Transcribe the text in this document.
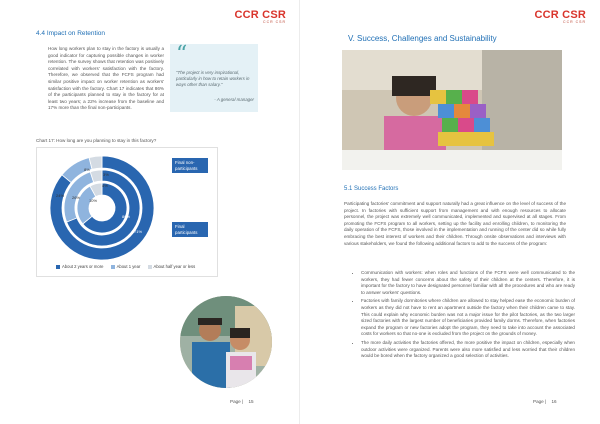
CCR CSR
CCR CSR
4.4 Impact on Retention
How long workers plan to stay in the factory is usually a good indicator for capturing possible changes in worker retention. The survey shows that retention was positively correlated with workers' satisfaction with the factory. Therefore, we observed that the FCFS program had similar positive impact on worker retention as workers' satisfaction with the factory. Chart 17 indicates that 86% of the participants planned to stay in the factory for at least two years; a 22% increase from the baseline and 17% more than the final non-participants.
“
"The project is very inspirational, particularly in how to retain workers in ways other than salary."
- A general manager
Chart 17: How long are you planning to stay in this factory?
Baseline
86%
71%
68%
10%
26%
24%
4%
3%
8%
Final non-participants
Final participants
About 2 years or more	About 1 year	About half year or less
Page | 15
CCR CSR
CCR CSR
V. Success, Challenges and Sustainability
5.1 Success Factors
Participating factories' commitment and support naturally had a great influence on the level of success of the project. In factories with sufficient support from management and with enough resources to allocate personnel, the project was extremely well communicated, implemented and supervised at all stages. From promoting the FCFS program to all workers, setting up the facility and enrolling children, to monitoring the daily operation of the FCFS, those involved in the implementation and running of the center did so while fully embracing the best interest of workers and their children. Through onsite observations and interviews with various stakeholders, we found the following additional factors to add to the success of the program:
• Communication with workers: when roles and functions of the FCFS were well communicated to the workers, they had fewer concerns about the safety of their children at the centers. Therefore, it is important for the factory to have designated personnel familiar with all the procedures and who are ready to answer workers' questions.
• Factories with family dormitories where children are allowed to stay helped ease the economic burden of workers as they did not have to rent an apartment outside the factory when their children came to stay. This could explain why economic burden was not a major issue for the pilot factories, as the two larger sized factories with the largest number of beneficiaries provided family dorms. Therefore, when factories expand the program or new factories adopt the program, they need to take into account the associated costs for workers so that no-one is excluded from the project on the grounds of money.
• The more daily activities the factories offered, the more positive the impact on children, especially when outdoor activities were organized. Parents were also more satisfied and less worried that their children would be bored when the factory organized a good selection of activities.
Page | 16
